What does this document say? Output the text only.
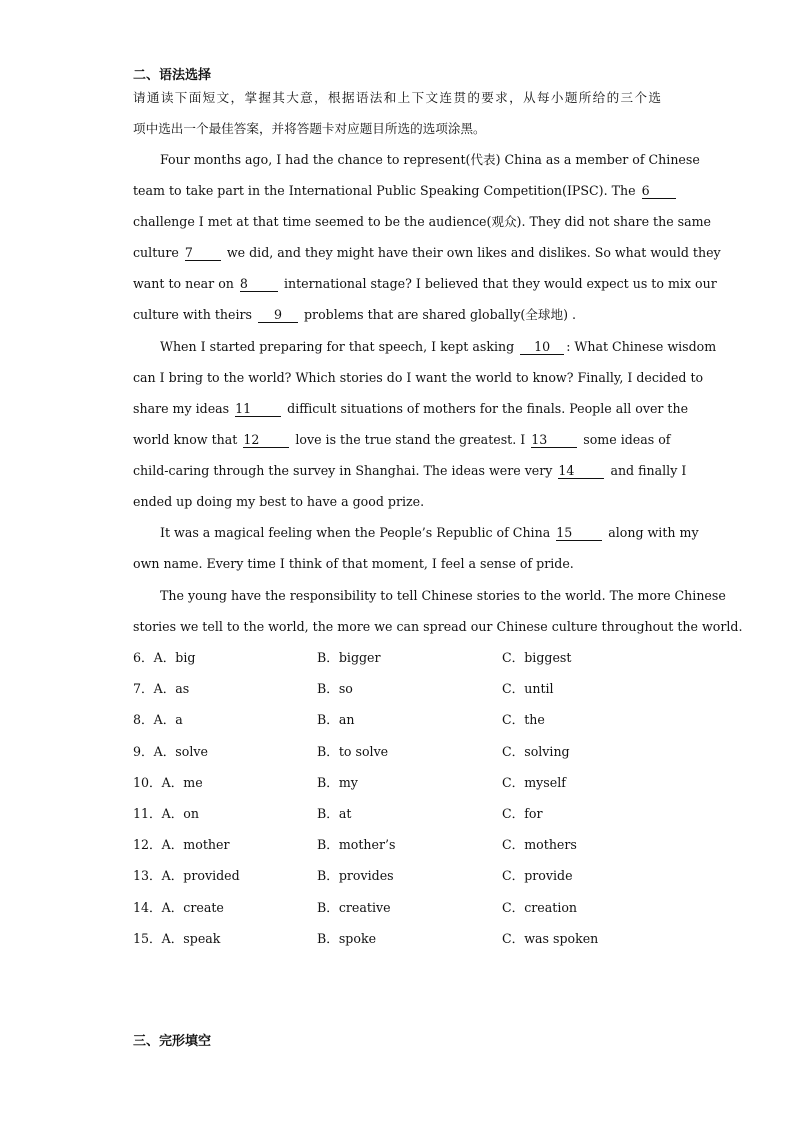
二、语法选择
请通读下面短文，掌握其大意，根据语法和上下文连贯的要求，从每小题所给的三个选
项中选出一个最佳答案，并将答题卡对应题目所选的选项涂黑。
Four months ago, I had the chance to represent(代表) China as a member of Chinese
team to take part in the International Public Speaking Competition(IPSC). The 6
challenge I met at that time seemed to be the audience(观众). They did not share the same
culture 7	we did, and they might have their own likes and dislikes. So what would they
want to near on 8	international stage? I believed that they would expect us to mix our
culture with theirs 9 problems that are shared globally(全球地) .
When I started preparing for that speech, I kept asking 10 : What Chinese wisdom
can I bring to the world? Which stories do I want the world to know? Finally, I decided to
share my ideas 11	difficult situations of mothers for the finals. People all over the
world know that 12	love is the true stand the greatest. I 13	some ideas of
child-caring through the survey in Shanghai. The ideas were very 14	and finally I
ended up doing my best to have a good prize.
It was a magical feeling when the People’s Republic of China 15	along with my
own name. Every time I think of that moment, I feel a sense of pride.
The young have the responsibility to tell Chinese stories to the world. The more Chinese
stories we tell to the world, the more we can spread our Chinese culture throughout the world.
6．A．big	B．bigger	C．biggest
7．A．as	B．so	C．until
8．A．a	B．an	C．the
9．A．solve	B．to solve	C．solving
10．A．me	B．my	C．myself
11．A．on	B．at	C．for
12．A．mother	B．mother’s	C．mothers
13．A．provided	B．provides	C．provide
14．A．create	B．creative	C．creation
15．A．speak	B．spoke	C．was spoken
三、完形填空
